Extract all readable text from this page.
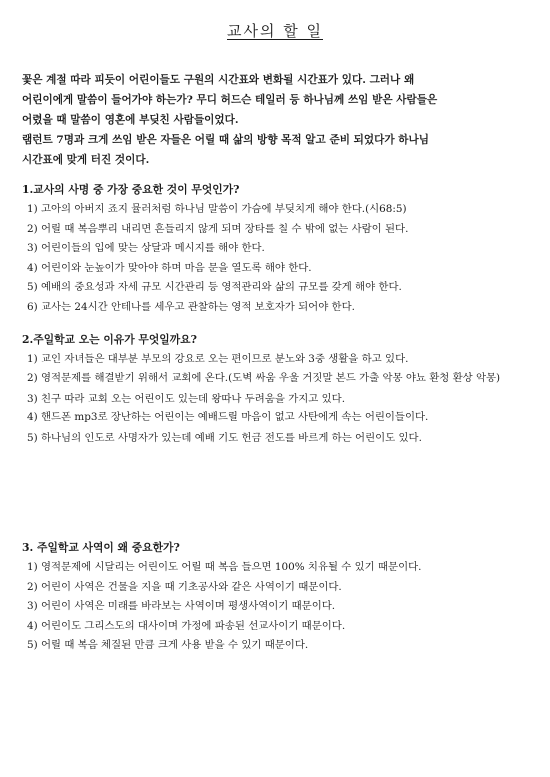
교사의 할 일

꽃은 계절 따라 피듯이 어린이들도 구원의 시간표와 변화될 시간표가 있다. 그러나 왜

어린이에게 말씀이 들어가야 하는가? 무디 허드슨 테일러 등 하나님께 쓰임 받은 사람들은

어렸을 때 말씀이 영혼에 부딪친 사람들이었다.

램런트 7명과 크게 쓰임 받은 자들은 어릴 때 삶의 방향 목적 알고 준비 되었다가 하나님

시간표에 맞게 터진 것이다.

1.교사의 사명 중 가장 중요한 것이 무엇인가?
1) 고아의 아버지 죠지 뮬러처럼 하나님 말씀이 가슴에 부딪치게 해야 한다.(시68:5)
2) 어릴 때 복음뿌리 내리면 흔들리지 않게 되며 장타를 칠 수 밖에 없는 사람이 된다.
3) 어린이들의 입에 맞는 상달과 메시지를 해야 한다.
4) 어린이와 눈높이가 맞아야 하며 마음 문을 열도록 해야 한다.
5) 예배의 중요성과 자세 규모 시간관리 등 영적관리와 삶의 규모를 갖게 해야 한다.
6) 교사는 24시간 안테나를 세우고 관찰하는 영적 보호자가 되어야 한다.
2.주일학교 오는 이유가 무엇일까요?
1) 교인 자녀들은 대부분 부모의 강요로 오는 편이므로 분노와 3중 생활을 하고 있다.
2) 영적문제를 해결받기 위해서 교회에 온다.(도벽 싸움 우울 거짓말 본드 가출 악몽 야뇨 환청 환상 악몽)
3) 친구 따라 교회 오는 어린이도 있는데 왕따나 두려움을 가지고 있다.
4) 핸드폰 mp3로 장난하는 어린이는 예배드릴 마음이 없고 사탄에게 속는 어린이들이다.
5) 하나님의 인도로 사명자가 있는데 예배 기도 헌금 전도를 바르게 하는 어린이도 있다.
3. 주일학교 사역이 왜 중요한가?
1) 영적문제에 시달리는 어린이도 어릴 때 복음 들으면 100% 치유될 수 있기 때문이다.
2) 어린이 사역은 건물을 지을 때 기초공사와 같은 사역이기 때문이다.
3) 어린이 사역은 미래를 바라보는 사역이며 평생사역이기 때문이다.
4) 어린이도 그리스도의 대사이며 가정에 파송된 선교사이기 때문이다.
5) 어릴 때 복음 체질된 만큼 크게 사용 받을 수 있기 때문이다.
